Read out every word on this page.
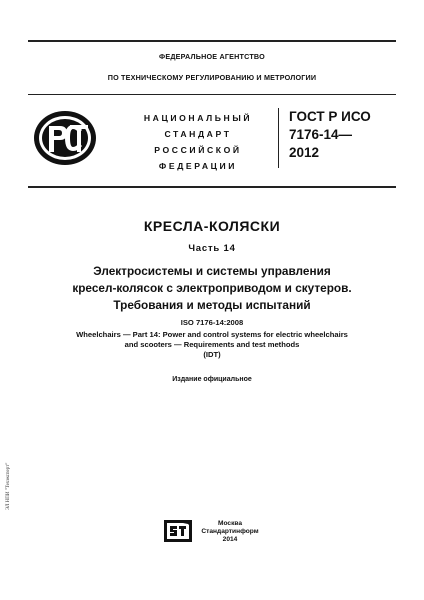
ФЕДЕРАЛЬНОЕ АГЕНТСТВО
ПО ТЕХНИЧЕСКОМУ РЕГУЛИРОВАНИЮ И МЕТРОЛОГИИ
НАЦИОНАЛЬНЫЙ
СТАНДАРТ
РОССИЙСКОЙ
ФЕДЕРАЦИИ
ГОСТ Р ИСО
7176-14—
2012
КРЕСЛА-КОЛЯСКИ
Часть 14
Электросистемы и системы управления
кресел-колясок с электроприводом и скутеров.
Требования и методы испытаний
ISO 7176-14:2008
Wheelchairs — Part 14: Power and control systems for electric wheelchairs
and scooters — Requirements and test methods
(IDT)
Издание официальное
Москва
Стандартинформ
2014
ЭЛ НПИ "Техэксперт"
